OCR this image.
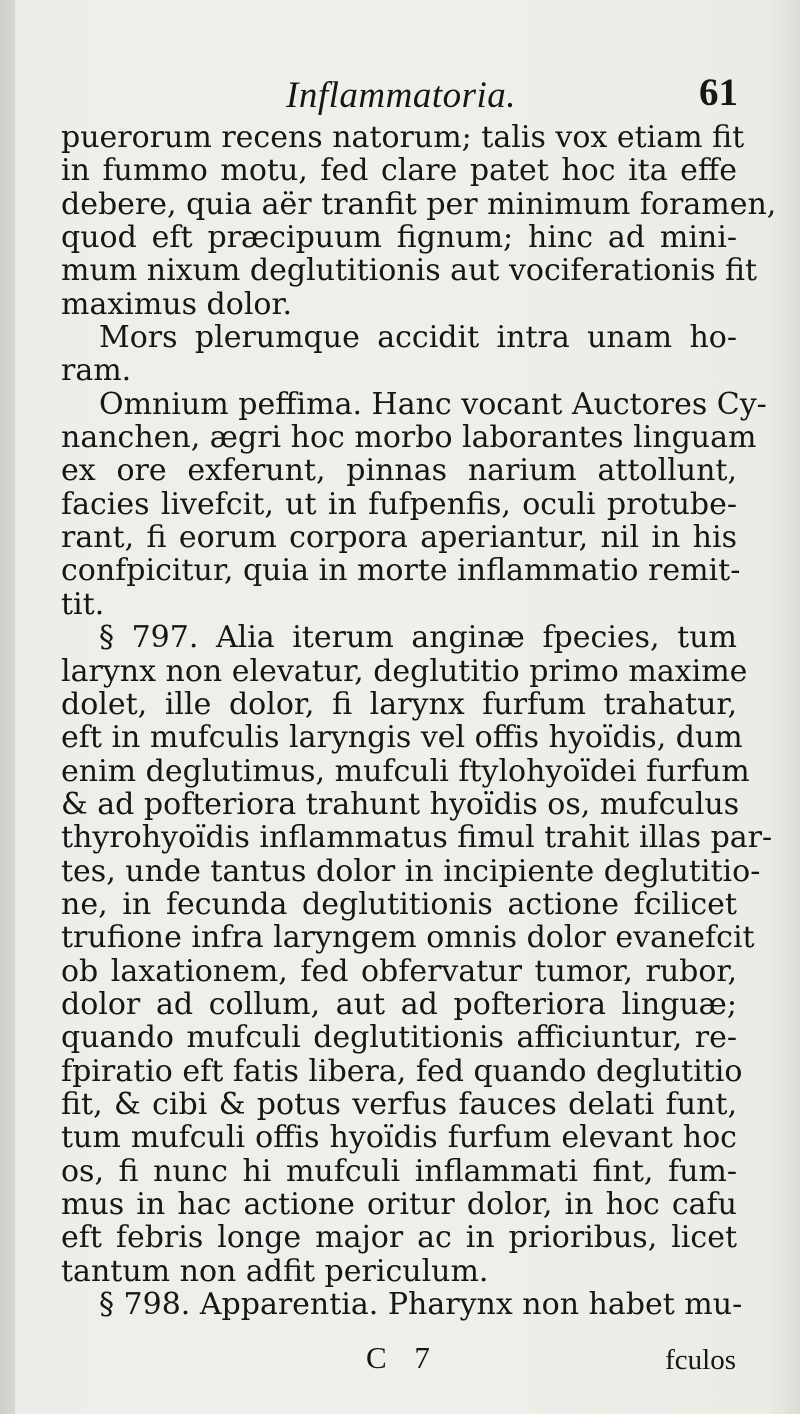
Inflammatoria.	61
puerorum recens natorum; talis vox etiam fit
in fummo motu, fed clare patet hoc ita effe
debere, quia aër tranfit per minimum foramen,
quod eft præcipuum fignum; hinc ad mini-
mum nixum deglutitionis aut vociferationis fit
maximus dolor.
Mors plerumque accidit intra unam ho-
ram.
Omnium peffima. Hanc vocant Auctores Cy-
nanchen, ægri hoc morbo laborantes linguam
ex ore exferunt, pinnas narium attollunt,
facies livefcit, ut in fufpenfis, oculi protube-
rant, fi eorum corpora aperiantur, nil in his
confpicitur, quia in morte inflammatio remit-
tit.
§ 797. Alia iterum anginæ fpecies, tum
larynx non elevatur, deglutitio primo maxime
dolet, ille dolor, fi larynx furfum trahatur,
eft in mufculis laryngis vel offis hyoïdis, dum
enim deglutimus, mufculi ftylohyoïdei furfum
& ad pofteriora trahunt hyoïdis os, mufculus
thyrohyoïdis inflammatus fimul trahit illas par-
tes, unde tantus dolor in incipiente deglutitio-
ne, in fecunda deglutitionis actione fcilicet
trufione infra laryngem omnis dolor evanefcit
ob laxationem, fed obfervatur tumor, rubor,
dolor ad collum, aut ad pofteriora linguæ;
quando mufculi deglutitionis afficiuntur, re-
fpiratio eft fatis libera, fed quando deglutitio
fit, & cibi & potus verfus fauces delati funt,
tum mufculi offis hyoïdis furfum elevant hoc
os, fi nunc hi mufculi inflammati fint, fum-
mus in hac actione oritur dolor, in hoc cafu
eft febris longe major ac in prioribus, licet
tantum non adfit periculum.
§ 798. Apparentia. Pharynx non habet mu-
C 7	fculos
